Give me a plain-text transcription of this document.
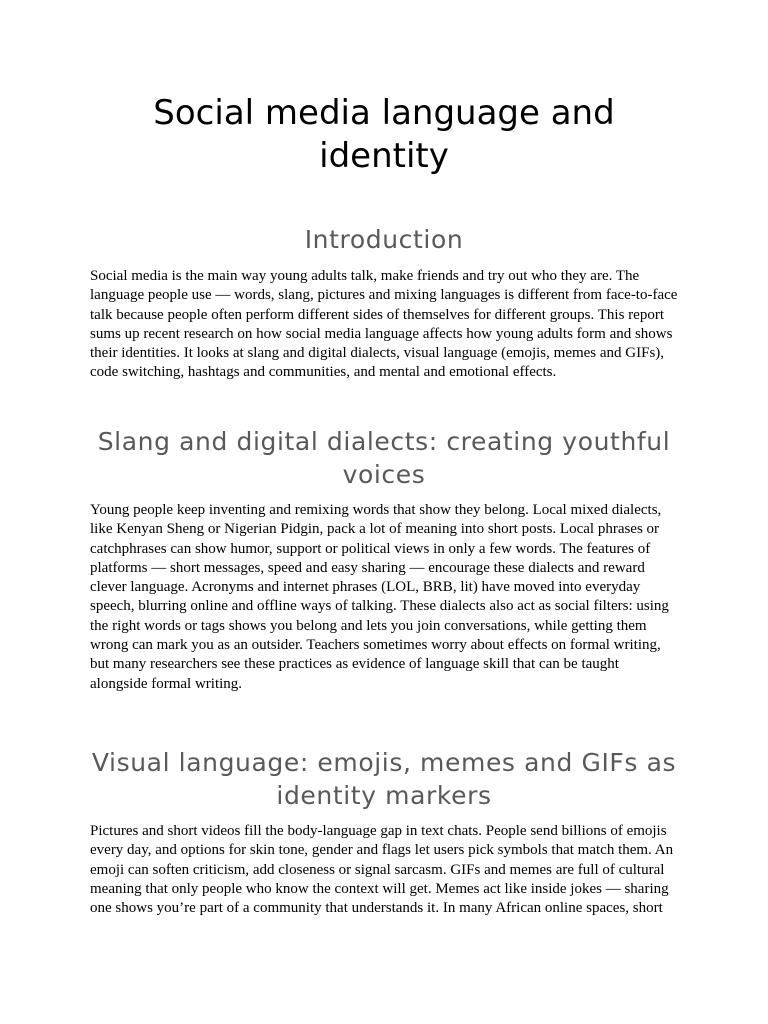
Social media language and identity
Introduction

Social media is the main way young adults talk, make friends and try out who they are. The language people use — words, slang, pictures and mixing languages is different from face-to-face talk because people often perform different sides of themselves for different groups. This report sums up recent research on how social media language affects how young adults form and shows their identities. It looks at slang and digital dialects, visual language (emojis, memes and GIFs), code switching, hashtags and communities, and mental and emotional effects.

Slang and digital dialects: creating youthful voices

Young people keep inventing and remixing words that show they belong. Local mixed dialects, like Kenyan Sheng or Nigerian Pidgin, pack a lot of meaning into short posts. Local phrases or catchphrases can show humor, support or political views in only a few words. The features of platforms — short messages, speed and easy sharing — encourage these dialects and reward clever language. Acronyms and internet phrases (LOL, BRB, lit) have moved into everyday speech, blurring online and offline ways of talking. These dialects also act as social filters: using the right words or tags shows you belong and lets you join conversations, while getting them wrong can mark you as an outsider. Teachers sometimes worry about effects on formal writing, but many researchers see these practices as evidence of language skill that can be taught alongside formal writing.

Visual language: emojis, memes and GIFs as identity markers

Pictures and short videos fill the body-language gap in text chats. People send billions of emojis every day, and options for skin tone, gender and flags let users pick symbols that match them. An emoji can soften criticism, add closeness or signal sarcasm. GIFs and memes are full of cultural meaning that only people who know the context will get. Memes act like inside jokes — sharing one shows you’re part of a community that understands it. In many African online spaces, short
